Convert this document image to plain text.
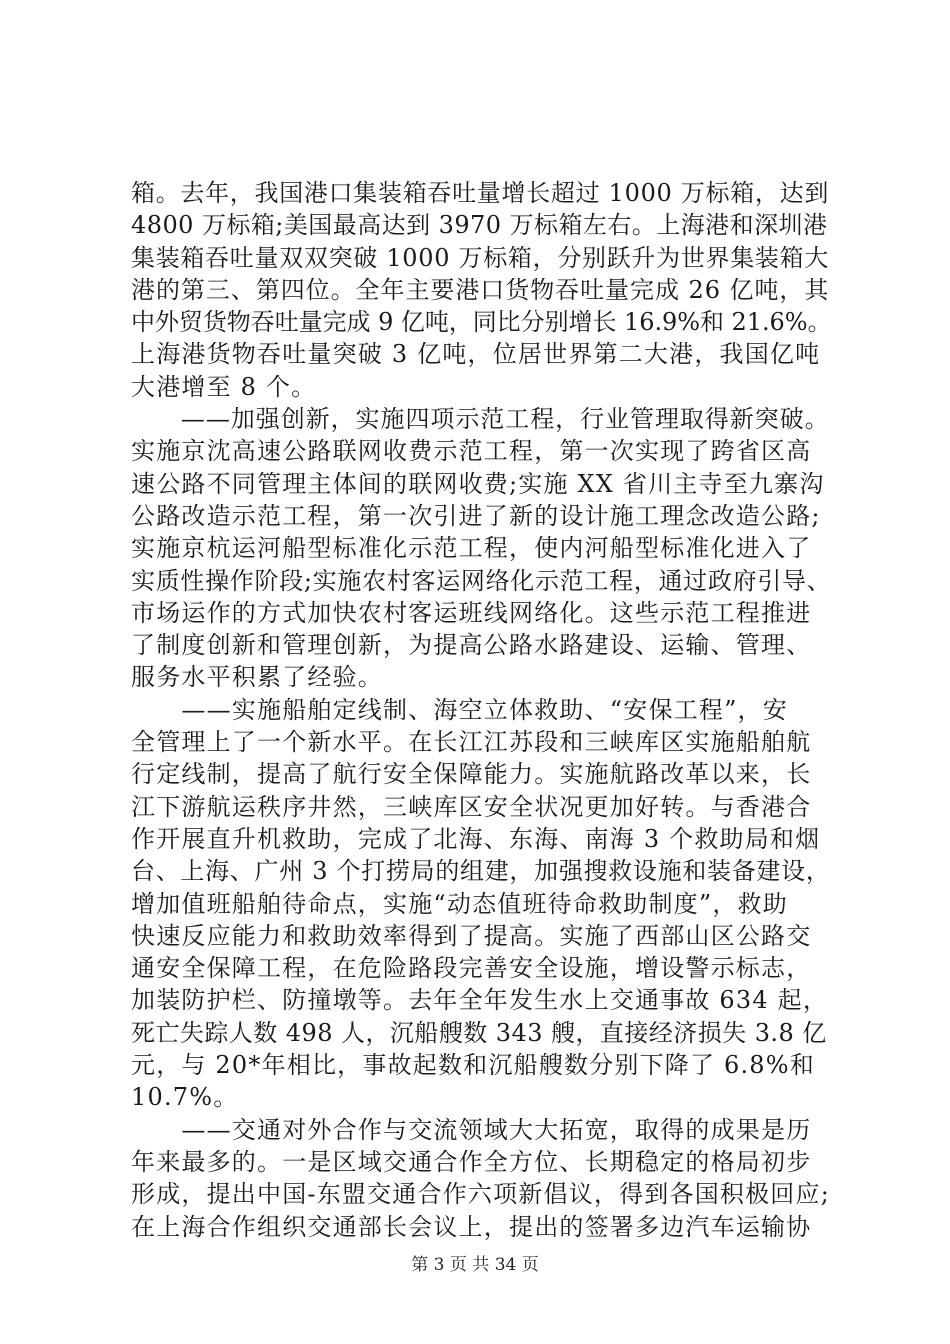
箱。去年，我国港口集装箱吞吐量增长超过 1000 万标箱，达到
4800 万标箱;美国最高达到 3970 万标箱左右。上海港和深圳港
集装箱吞吐量双双突破 1000 万标箱，分别跃升为世界集装箱大
港的第三、第四位。全年主要港口货物吞吐量完成 26 亿吨，其
中外贸货物吞吐量完成 9 亿吨，同比分别增长 16.9%和 21.6%。
上海港货物吞吐量突破 3 亿吨，位居世界第二大港，我国亿吨
大港增至 8 个。
　　——加强创新，实施四项示范工程，行业管理取得新突破。
实施京沈高速公路联网收费示范工程，第一次实现了跨省区高
速公路不同管理主体间的联网收费;实施 XX 省川主寺至九寨沟
公路改造示范工程，第一次引进了新的设计施工理念改造公路;
实施京杭运河船型标准化示范工程，使内河船型标准化进入了
实质性操作阶段;实施农村客运网络化示范工程，通过政府引导、
市场运作的方式加快农村客运班线网络化。这些示范工程推进
了制度创新和管理创新，为提高公路水路建设、运输、管理、
服务水平积累了经验。
　　——实施船舶定线制、海空立体救助、“安保工程”，安
全管理上了一个新水平。在长江江苏段和三峡库区实施船舶航
行定线制，提高了航行安全保障能力。实施航路改革以来，长
江下游航运秩序井然，三峡库区安全状况更加好转。与香港合
作开展直升机救助，完成了北海、东海、南海 3 个救助局和烟
台、上海、广州 3 个打捞局的组建，加强搜救设施和装备建设，
增加值班船舶待命点，实施“动态值班待命救助制度”，救助
快速反应能力和救助效率得到了提高。实施了西部山区公路交
通安全保障工程，在危险路段完善安全设施，增设警示标志，
加装防护栏、防撞墩等。去年全年发生水上交通事故 634 起，
死亡失踪人数 498 人，沉船艘数 343 艘，直接经济损失 3.8 亿
元，与 20*年相比，事故起数和沉船艘数分别下降了 6.8%和
10.7%。
　　——交通对外合作与交流领域大大拓宽，取得的成果是历
年来最多的。一是区域交通合作全方位、长期稳定的格局初步
形成，提出中国-东盟交通合作六项新倡议，得到各国积极回应;
在上海合作组织交通部长会议上，提出的签署多边汽车运输协
第 3 页 共 34 页
